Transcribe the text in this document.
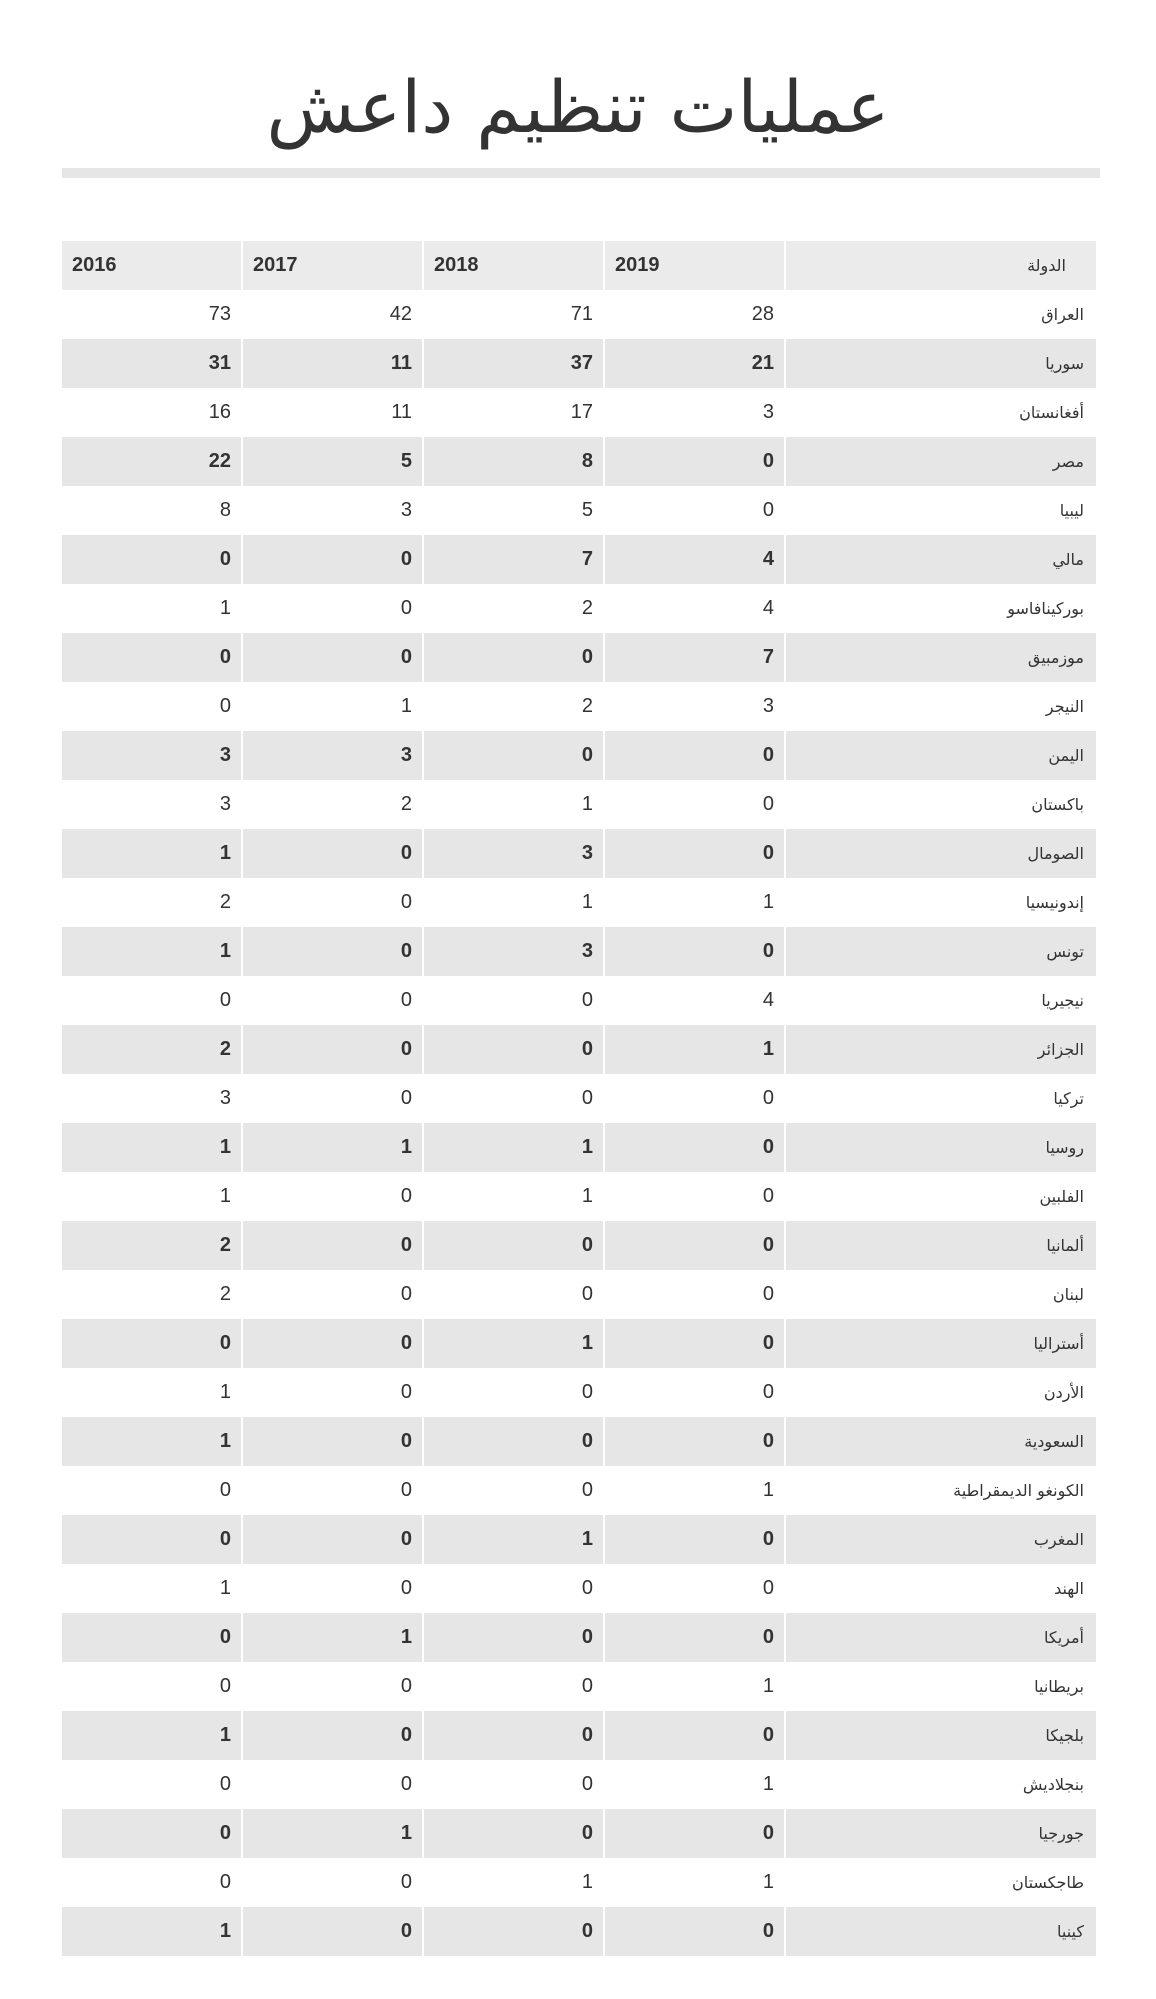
عمليات تنظيم داعش
2016	2017	2018	2019	الدولة
73	42	71	28	العراق
31	11	37	21	سوريا
16	11	17	3	أفغانستان
22	5	8	0	مصر
8	3	5	0	ليبيا
0	0	7	4	مالي
1	0	2	4	بوركينافاسو
0	0	0	7	موزمبيق
0	1	2	3	النيجر
3	3	0	0	اليمن
3	2	1	0	باكستان
1	0	3	0	الصومال
2	0	1	1	إندونيسيا
1	0	3	0	تونس
0	0	0	4	نيجيريا
2	0	0	1	الجزائر
3	0	0	0	تركيا
1	1	1	0	روسيا
1	0	1	0	الفلبين
2	0	0	0	ألمانيا
2	0	0	0	لبنان
0	0	1	0	أستراليا
1	0	0	0	الأردن
1	0	0	0	السعودية
0	0	0	1	الكونغو الديمقراطية
0	0	1	0	المغرب
1	0	0	0	الهند
0	1	0	0	أمريكا
0	0	0	1	بريطانيا
1	0	0	0	بلجيكا
0	0	0	1	بنجلاديش
0	1	0	0	جورجيا
0	0	1	1	طاجكستان
1	0	0	0	كينيا
